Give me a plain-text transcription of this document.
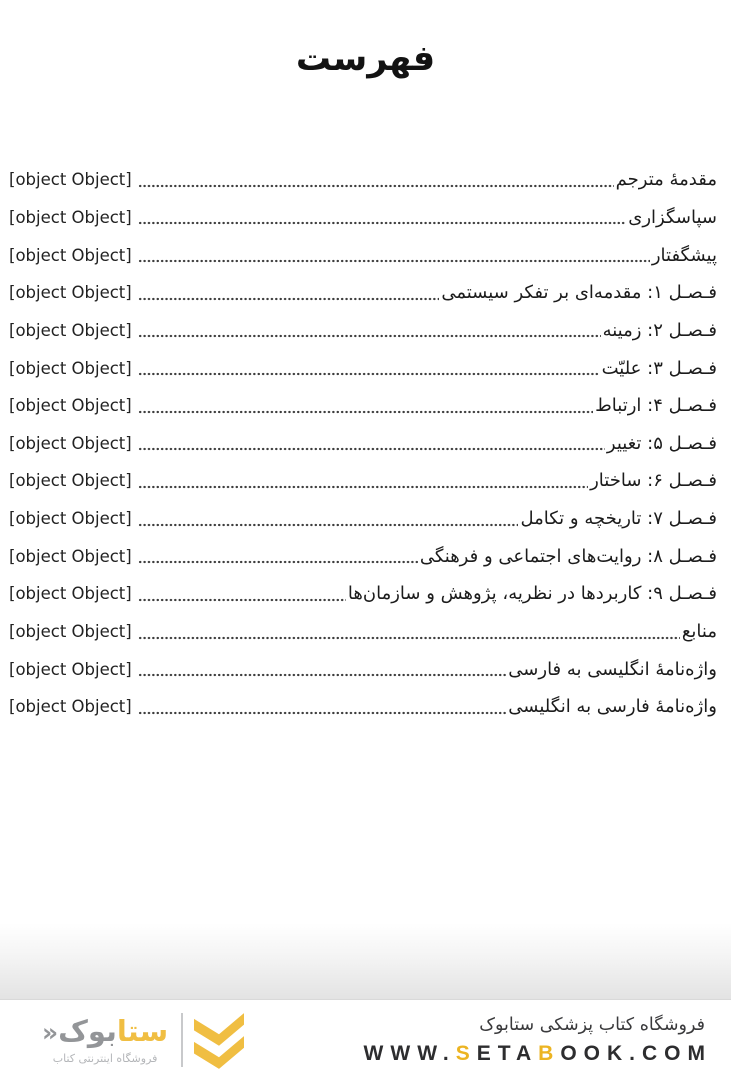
فهرست
مقدمهٔ مترجم
[object Object]
سپاسگزاری
[object Object]
پیشگفتار
[object Object]
فـصـل ۱: مقدمه‌ای بر تفکر سیستمی
[object Object]
فـصـل ۲: زمینه
[object Object]
فـصـل ۳: علیّت
[object Object]
فـصـل ۴: ارتباط
[object Object]
فـصـل ۵: تغییر
[object Object]
فـصـل ۶: ساختار
[object Object]
فـصـل ۷: تاریخچه و تکامل
[object Object]
فـصـل ۸: روایت‌های اجتماعی و فرهنگی
[object Object]
فـصـل ۹: کاربردها در نظریه، پژوهش و سازمان‌ها
[object Object]
منابع
[object Object]
واژه‌نامهٔ انگلیسی به فارسی
[object Object]
واژه‌نامهٔ فارسی به انگلیسی
[object Object]
ستابوک«
فروشگاه اینترنتی کتاب
فروشگاه کتاب پزشکی ستابوک
WWW.SETABOOK.COM
